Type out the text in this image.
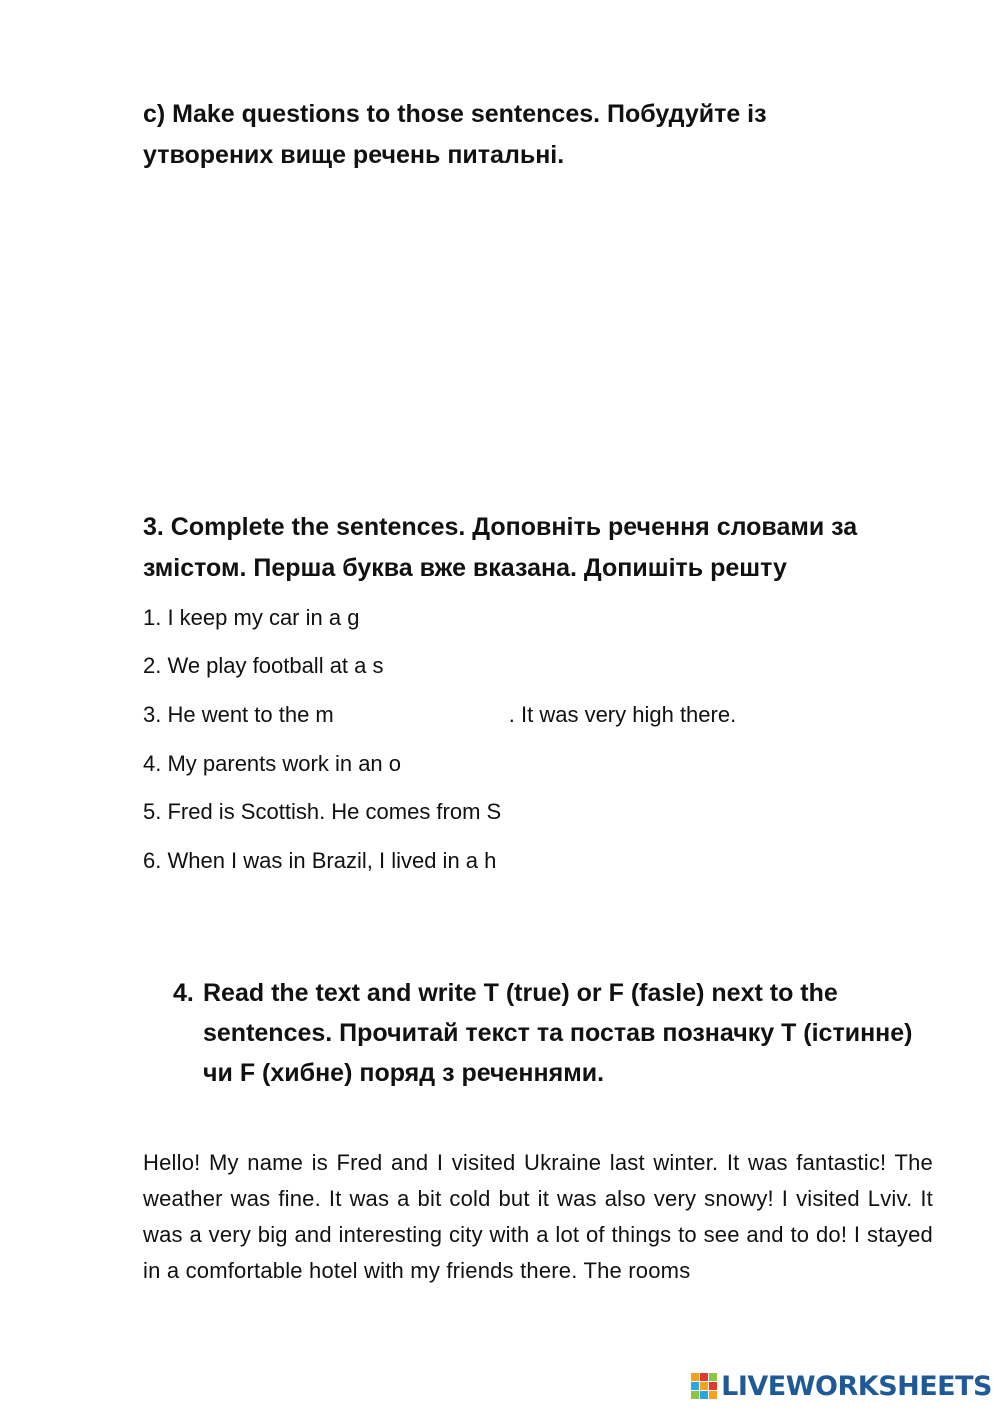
c) Make questions to those sentences. Побудуйте із утворених вище речень питальні.
3. Complete the sentences. Доповніть речення словами за змістом. Перша буква вже вказана. Допишіть решту
1. I keep my car in a g
2. We play football at a s
3. He went to the m	. It was very high there.
4. My parents work in an o
5. Fred is Scottish. He comes from S
6. When I was in Brazil, I lived in a h
4. Read the text and write T (true) or F (fasle) next to the sentences. Прочитай текст та постав позначку Т (істинне) чи F (хибне) поряд з реченнями.
Hello! My name is Fred and I visited Ukraine last winter. It was fantastic! The weather was fine. It was a bit cold but it was also very snowy! I visited Lviv. It was a very big and interesting city with a lot of things to see and to do! I stayed in a comfortable hotel with my friends there. The rooms
LIVEWORKSHEETS
